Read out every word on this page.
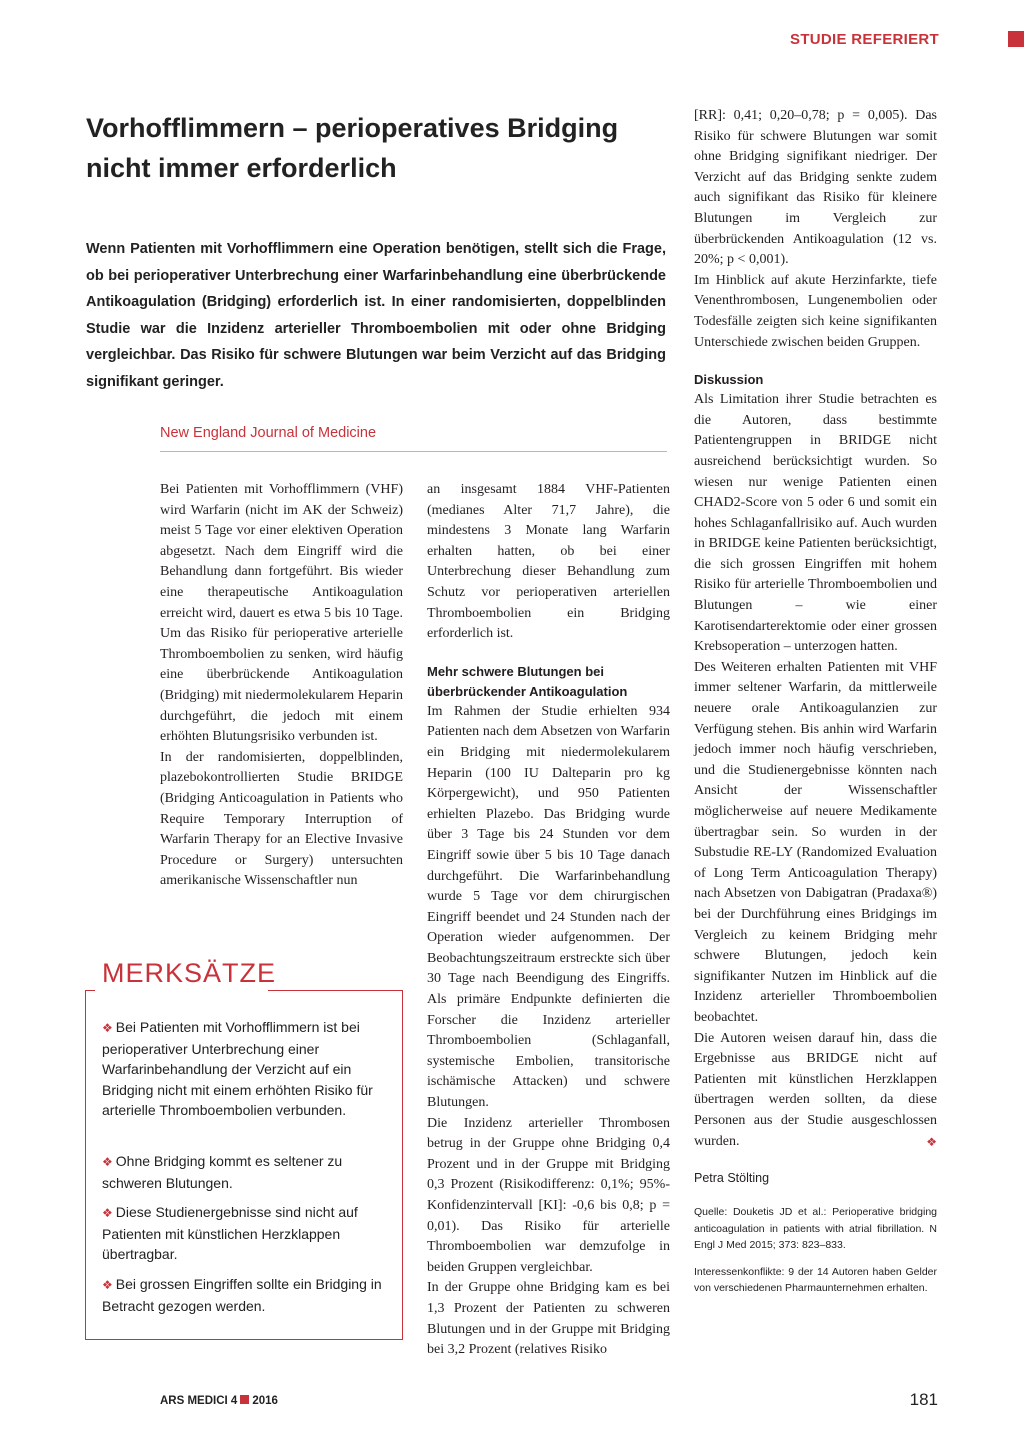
STUDIE REFERIERT
Vorhofflimmern – perioperatives Bridging
nicht immer erforderlich

Wenn Patienten mit Vorhofflimmern eine Operation benötigen, stellt sich die Frage, ob bei perioperativer Unterbrechung einer Warfarinbehandlung eine überbrückende Antikoagulation (Bridging) erforderlich ist. In einer randomisierten, doppelblinden Studie war die Inzidenz arterieller Thromboembolien mit oder ohne Bridging vergleichbar. Das Risiko für schwere Blutungen war beim Verzicht auf das Bridging signifikant geringer.

New England Journal of Medicine

Bei Patienten mit Vorhofflimmern (VHF) wird Warfarin (nicht im AK der Schweiz) meist 5 Tage vor einer elektiven Operation abgesetzt. Nach dem Eingriff wird die Behandlung dann fortgeführt. Bis wieder eine therapeutische Antikoagulation erreicht wird, dauert es etwa 5 bis 10 Tage. Um das Risiko für perioperative arterielle Thromboembolien zu senken, wird häufig eine überbrückende Antikoagulation (Bridging) mit niedermolekularem Heparin durchgeführt, die jedoch mit einem erhöhten Blutungsrisiko verbunden ist.

In der randomisierten, doppelblinden, plazebokontrollierten Studie BRIDGE (Bridging Anticoagulation in Patients who Require Temporary Interruption of Warfarin Therapy for an Elective Invasive Procedure or Surgery) untersuchten amerikanische Wissenschaftler nun

MERKSÄTZE
❖ Bei Patienten mit Vorhofflimmern ist bei perioperativer Unterbrechung einer Warfarinbehandlung der Verzicht auf ein Bridging nicht mit einem erhöhten Risiko für arterielle Thromboembolien verbunden.
❖ Ohne Bridging kommt es seltener zu schweren Blutungen.
❖ Diese Studienergebnisse sind nicht auf Patienten mit künstlichen Herzklappen übertragbar.
❖ Bei grossen Eingriffen sollte ein Bridging in Betracht gezogen werden.

an insgesamt 1884 VHF-Patienten (medianes Alter 71,7 Jahre), die mindestens 3 Monate lang Warfarin erhalten hatten, ob bei einer Unterbrechung dieser Behandlung zum Schutz vor perioperativen arteriellen Thromboembolien ein Bridging erforderlich ist.

Mehr schwere Blutungen bei überbrückender Antikoagulation

Im Rahmen der Studie erhielten 934 Patienten nach dem Absetzen von Warfarin ein Bridging mit niedermolekularem Heparin (100 IU Dalteparin pro kg Körpergewicht), und 950 Patienten erhielten Plazebo. Das Bridging wurde über 3 Tage bis 24 Stunden vor dem Eingriff sowie über 5 bis 10 Tage danach durchgeführt. Die Warfarinbehandlung wurde 5 Tage vor dem chirurgischen Eingriff beendet und 24 Stunden nach der Operation wieder aufgenommen. Der Beobachtungszeitraum erstreckte sich über 30 Tage nach Beendigung des Eingriffs. Als primäre Endpunkte definierten die Forscher die Inzidenz arterieller Thromboembolien (Schlaganfall, systemische Embolien, transitorische ischämische Attacken) und schwere Blutungen.

Die Inzidenz arterieller Thrombosen betrug in der Gruppe ohne Bridging 0,4 Prozent und in der Gruppe mit Bridging 0,3 Prozent (Risikodifferenz: 0,1%; 95%-Konfidenzintervall [KI]: -0,6 bis 0,8; p = 0,01). Das Risiko für arterielle Thromboembolien war demzufolge in beiden Gruppen vergleichbar.

In der Gruppe ohne Bridging kam es bei 1,3 Prozent der Patienten zu schweren Blutungen und in der Gruppe mit Bridging bei 3,2 Prozent (relatives Risiko

[RR]: 0,41; 0,20–0,78; p = 0,005). Das Risiko für schwere Blutungen war somit ohne Bridging signifikant niedriger. Der Verzicht auf das Bridging senkte zudem auch signifikant das Risiko für kleinere Blutungen im Vergleich zur überbrückenden Antikoagulation (12 vs. 20%; p < 0,001).

Im Hinblick auf akute Herzinfarkte, tiefe Venenthrombosen, Lungenembolien oder Todesfälle zeigten sich keine signifikanten Unterschiede zwischen beiden Gruppen.

Diskussion

Als Limitation ihrer Studie betrachten es die Autoren, dass bestimmte Patientengruppen in BRIDGE nicht ausreichend berücksichtigt wurden. So wiesen nur wenige Patienten einen CHAD2-Score von 5 oder 6 und somit ein hohes Schlaganfallrisiko auf. Auch wurden in BRIDGE keine Patienten berücksichtigt, die sich grossen Eingriffen mit hohem Risiko für arterielle Thromboembolien und Blutungen – wie einer Karotisendarterektomie oder einer grossen Krebsoperation – unterzogen hatten.

Des Weiteren erhalten Patienten mit VHF immer seltener Warfarin, da mittlerweile neuere orale Antikoagulanzien zur Verfügung stehen. Bis anhin wird Warfarin jedoch immer noch häufig verschrieben, und die Studienergebnisse könnten nach Ansicht der Wissenschaftler möglicherweise auf neuere Medikamente übertragbar sein. So wurden in der Substudie RE-LY (Randomized Evaluation of Long Term Anticoagulation Therapy) nach Absetzen von Dabigatran (Pradaxa®) bei der Durchführung eines Bridgings im Vergleich zu keinem Bridging mehr schwere Blutungen, jedoch kein signifikanter Nutzen im Hinblick auf die Inzidenz arterieller Thromboembolien beobachtet.

Die Autoren weisen darauf hin, dass die Ergebnisse aus BRIDGE nicht auf Patienten mit künstlichen Herzklappen übertragen werden sollten, da diese Personen aus der Studie ausgeschlossen wurden.	❖

Petra Stölting

Quelle: Douketis JD et al.: Perioperative bridging anticoagulation in patients with atrial fibrillation. N Engl J Med 2015; 373: 823–833.

Interessenkonflikte: 9 der 14 Autoren haben Gelder von verschiedenen Pharmaunternehmen erhalten.

ARS MEDICI 4 2016	181
